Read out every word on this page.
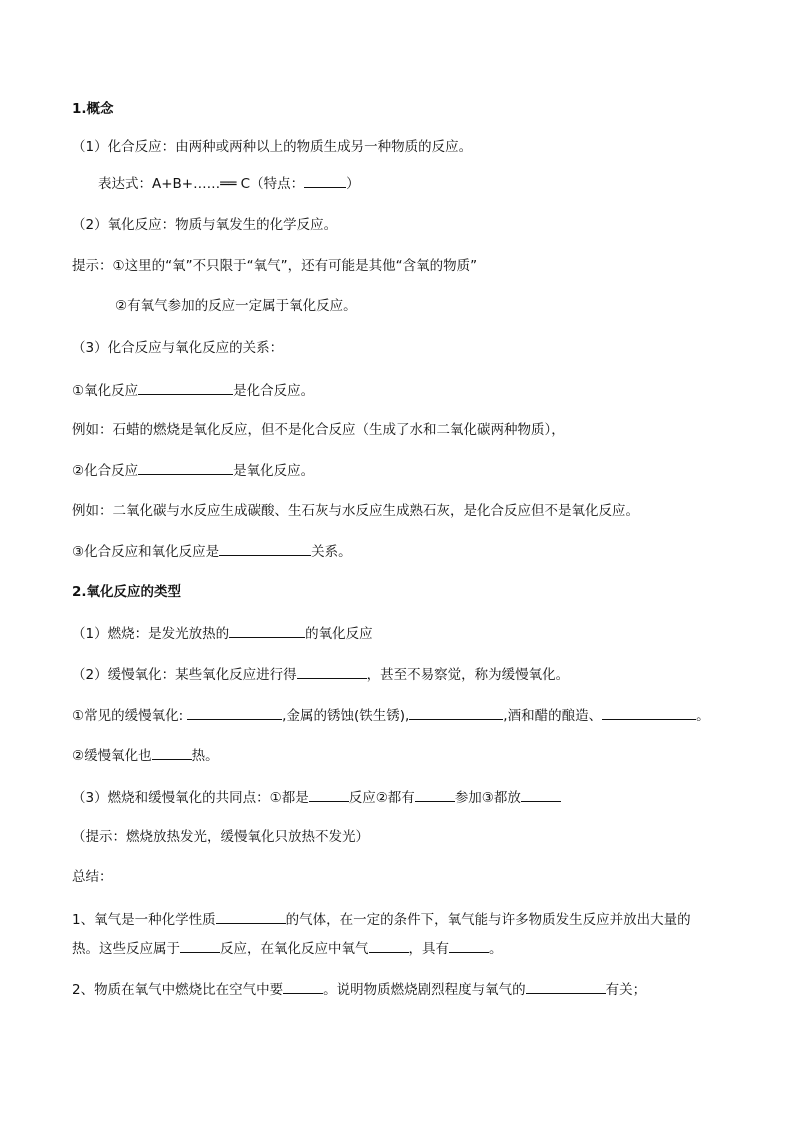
1.概念
（1）化合反应：由两种或两种以上的物质生成另一种物质的反应。
表达式：A+B+……══ C（特点：	）
（2）氧化反应：物质与氧发生的化学反应。
提示：①这里的“氧”不只限于“氧气”，还有可能是其他“含氧的物质”
②有氧气参加的反应一定属于氧化反应。
（3）化合反应与氧化反应的关系：
①氧化反应	是化合反应。
例如：石蜡的燃烧是氧化反应，但不是化合反应（生成了水和二氧化碳两种物质），
②化合反应	是氧化反应。
例如：二氧化碳与水反应生成碳酸、生石灰与水反应生成熟石灰，是化合反应但不是氧化反应。
③化合反应和氧化反应是	关系。
2.氧化反应的类型
（1）燃烧：是发光放热的	的氧化反应
（2）缓慢氧化：某些氧化反应进行得	，甚至不易察觉，称为缓慢氧化。
①常见的缓慢氧化:	,金属的锈蚀(铁生锈),	,酒和醋的酿造、	。
②缓慢氧化也	热。
（3）燃烧和缓慢氧化的共同点：①都是	反应②都有	参加③都放
（提示：燃烧放热发光，缓慢氧化只放热不发光）
总结：
1、氧气是一种化学性质	的气体，在一定的条件下，氧气能与许多物质发生反应并放出大量的
热。这些反应属于	反应，在氧化反应中氧气	，具有	。
2、物质在氧气中燃烧比在空气中要	。说明物质燃烧剧烈程度与氧气的	有关；
